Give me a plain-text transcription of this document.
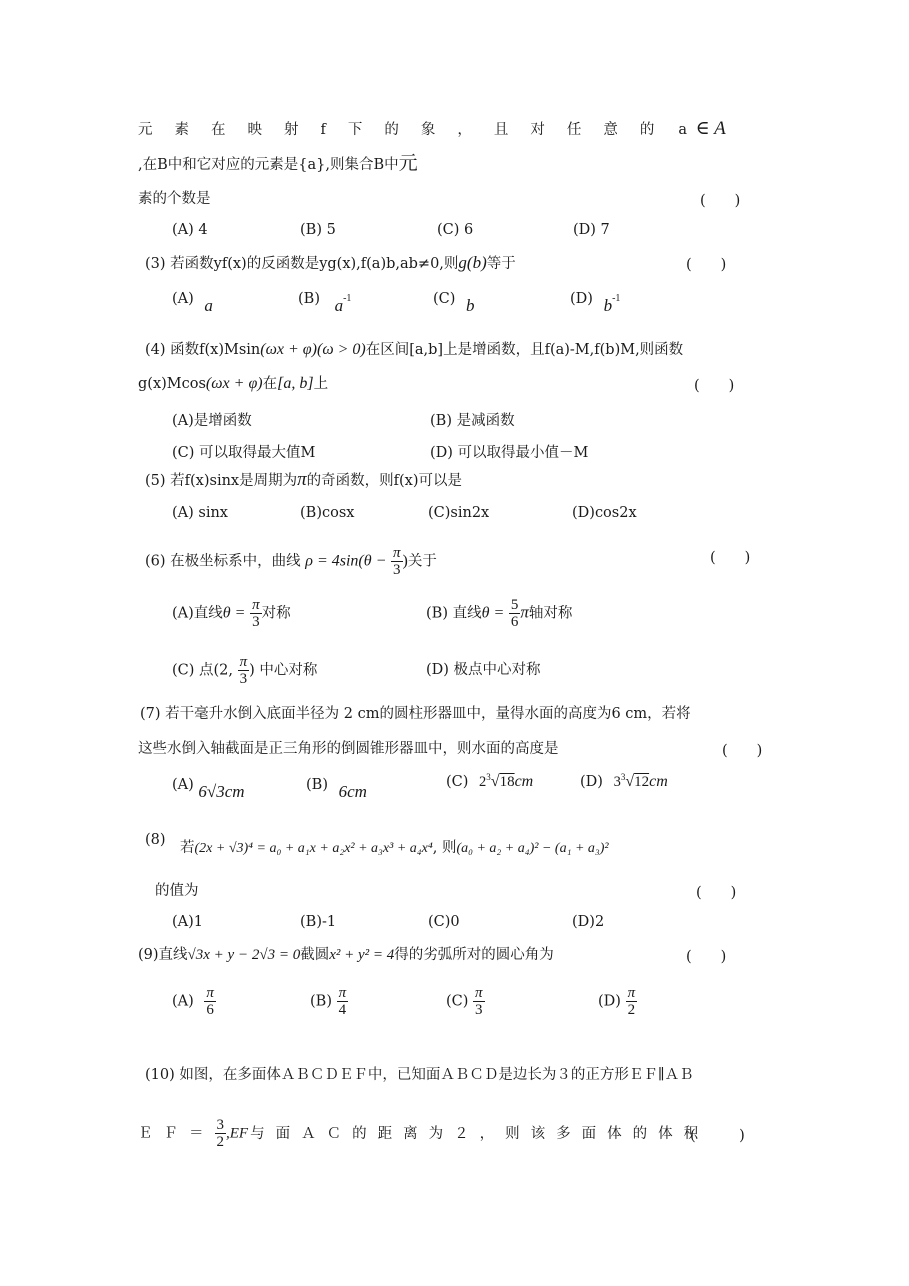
元素在映射f下的象，且对任意的 a ∈ A
,在B中和它对应的元素是{a},则集合B中元
素的个数是	(　　)
(A) 4	(B) 5	(C) 6	(D) 7
(3) 若函数yf(x)的反函数是yg(x),f(a)b,ab≠0,则g(b)等于	(　　)
(A) a	(B) $a^{-1}$	(C) b	(D) $b^{-1}$
(4) 函数f(x)Msin(ωx + φ)(ω > 0)在区间[a,b]上是增函数，且f(a)-M,f(b)M,则函数
g(x)Mcos(ωx + φ)在[a, b]上	(　　)
(A)是增函数	(B) 是减函数
(C) 可以取得最大值M	(D) 可以取得最小值－M
(5) 若f(x)sinx是周期为π的奇函数，则f(x)可以是
(A) sinx	(B)cosx	(C)sin2x	(D)cos2x
(6) 在极坐标系中，曲线 $\rho = 4\sin(\theta - \frac{\pi}{3}$ )关于	(　　)
(A)直线$\theta = \frac{\pi}{3}$ 对称	(B) 直线$\theta = \frac{5}{6}$ π轴对称
(C) 点(2, $\frac{\pi}{3}$ ) 中心对称	(D) 极点中心对称
(7) 若干毫升水倒入底面半径为 2 cm的圆柱形器皿中，量得水面的高度为6 cm，若将
这些水倒入轴截面是正三角形的倒圆锥形器皿中，则水面的高度是	(　　)
(A) 6√3cm	(B) 6cm
(C) $2^3√18cm$	(D) $3^3√12cm$
(8) 若(2x + √3)⁴ = a₀ + a₁x + a₂x² + a₃x³ + a₄x⁴, 则(a₀ + a₂ + a₄)² − (a₁ + a₃)²
的值为	(　　)
(A)1	(B)-1	(C)0	(D)2
(9)直线√3x + y − 2√3 = 0截圆x² + y² = 4得的劣弧所对的圆心角为	(　　)
$(A) \frac{\pi}{6}$	$(B) \frac{\pi}{4}$	$(C) \frac{\pi}{3}$	$(D) \frac{\pi}{2}$
(10) 如图，在多面体ＡＢＣＤＥＦ中，已知面ＡＢＣＤ是边长为３的正方形ＥＦ∥ＡＢ
ＥＦ＝ $\frac{3}{2} ,EF$ 与面ＡＣ的距离为２，则该多面体的体积
(　　　)
